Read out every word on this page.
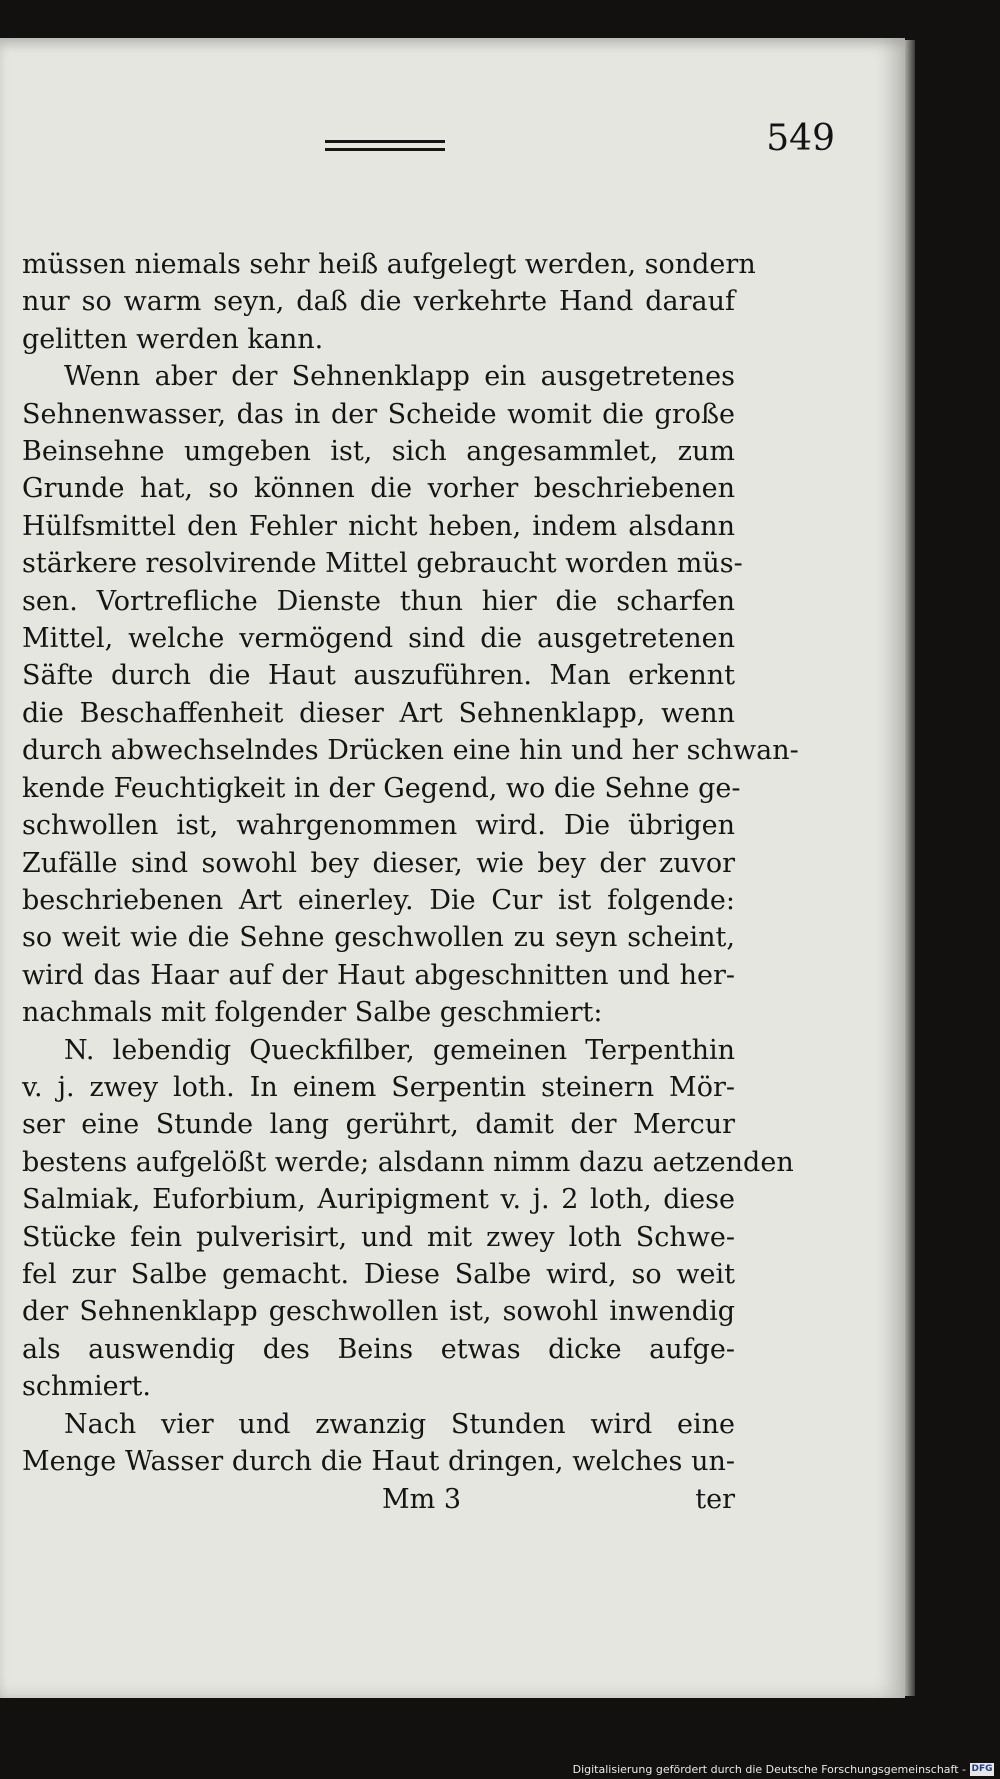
549

müssen niemals sehr heiß aufgelegt werden, sondern
nur so warm seyn, daß die verkehrte Hand darauf
gelitten werden kann.
Wenn aber der Sehnenklapp ein ausgetretenes
Sehnenwasser, das in der Scheide womit die große
Beinsehne umgeben ist, sich angesammlet, zum
Grunde hat, so können die vorher beschriebenen
Hülfsmittel den Fehler nicht heben, indem alsdann
stärkere resolvirende Mittel gebraucht worden müs-
sen. Vortrefliche Dienste thun hier die scharfen
Mittel, welche vermögend sind die ausgetretenen
Säfte durch die Haut auszuführen. Man erkennt
die Beschaffenheit dieser Art Sehnenklapp, wenn
durch abwechselndes Drücken eine hin und her schwan-
kende Feuchtigkeit in der Gegend, wo die Sehne ge-
schwollen ist, wahrgenommen wird. Die übrigen
Zufälle sind sowohl bey dieser, wie bey der zuvor
beschriebenen Art einerley. Die Cur ist folgende:
so weit wie die Sehne geschwollen zu seyn scheint,
wird das Haar auf der Haut abgeschnitten und her-
nachmals mit folgender Salbe geschmiert:
N. lebendig Queckfilber, gemeinen Terpenthin
v. j. zwey loth. In einem Serpentin steinern Mör-
ser eine Stunde lang gerührt, damit der Mercur
bestens aufgelößt werde; alsdann nimm dazu aetzenden
Salmiak, Euforbium, Auripigment v. j. 2 loth, diese
Stücke fein pulverisirt, und mit zwey loth Schwe-
fel zur Salbe gemacht. Diese Salbe wird, so weit
der Sehnenklapp geschwollen ist, sowohl inwendig
als auswendig des Beins etwas dicke aufge-
schmiert.
Nach vier und zwanzig Stunden wird eine
Menge Wasser durch die Haut dringen, welches un-
Mm 3	ter

Digitalisierung gefördert durch die Deutsche Forschungsgemeinschaft - DFG
